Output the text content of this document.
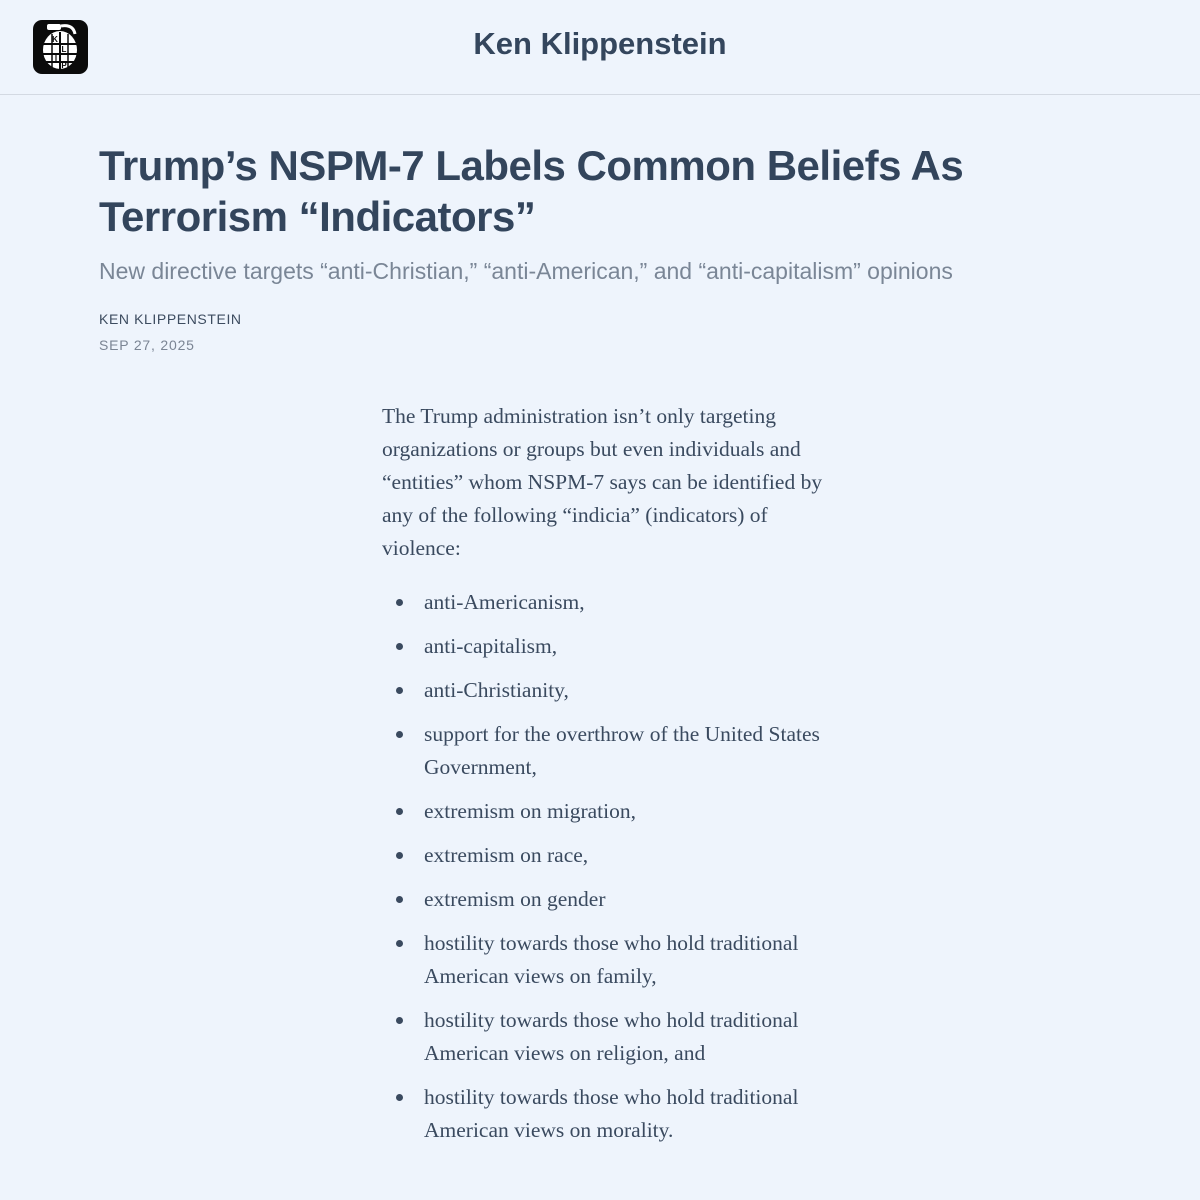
K
L
I
P
Ken Klippenstein
Trump’s NSPM-7 Labels Common Beliefs As Terrorism “Indicators”
New directive targets “anti-Christian,” “anti-American,” and “anti-capitalism” opinions
KEN KLIPPENSTEIN
SEP 27, 2025

The Trump administration isn’t only targeting organizations or groups but even individuals and “entities” whom NSPM-7 says can be identified by any of the following “indicia” (indicators) of violence:

anti-Americanism,
anti-capitalism,
anti-Christianity,
support for the overthrow of the United States Government,
extremism on migration,
extremism on race,
extremism on gender
hostility towards those who hold traditional American views on family,
hostility towards those who hold traditional American views on religion, and
hostility towards those who hold traditional American views on morality.
